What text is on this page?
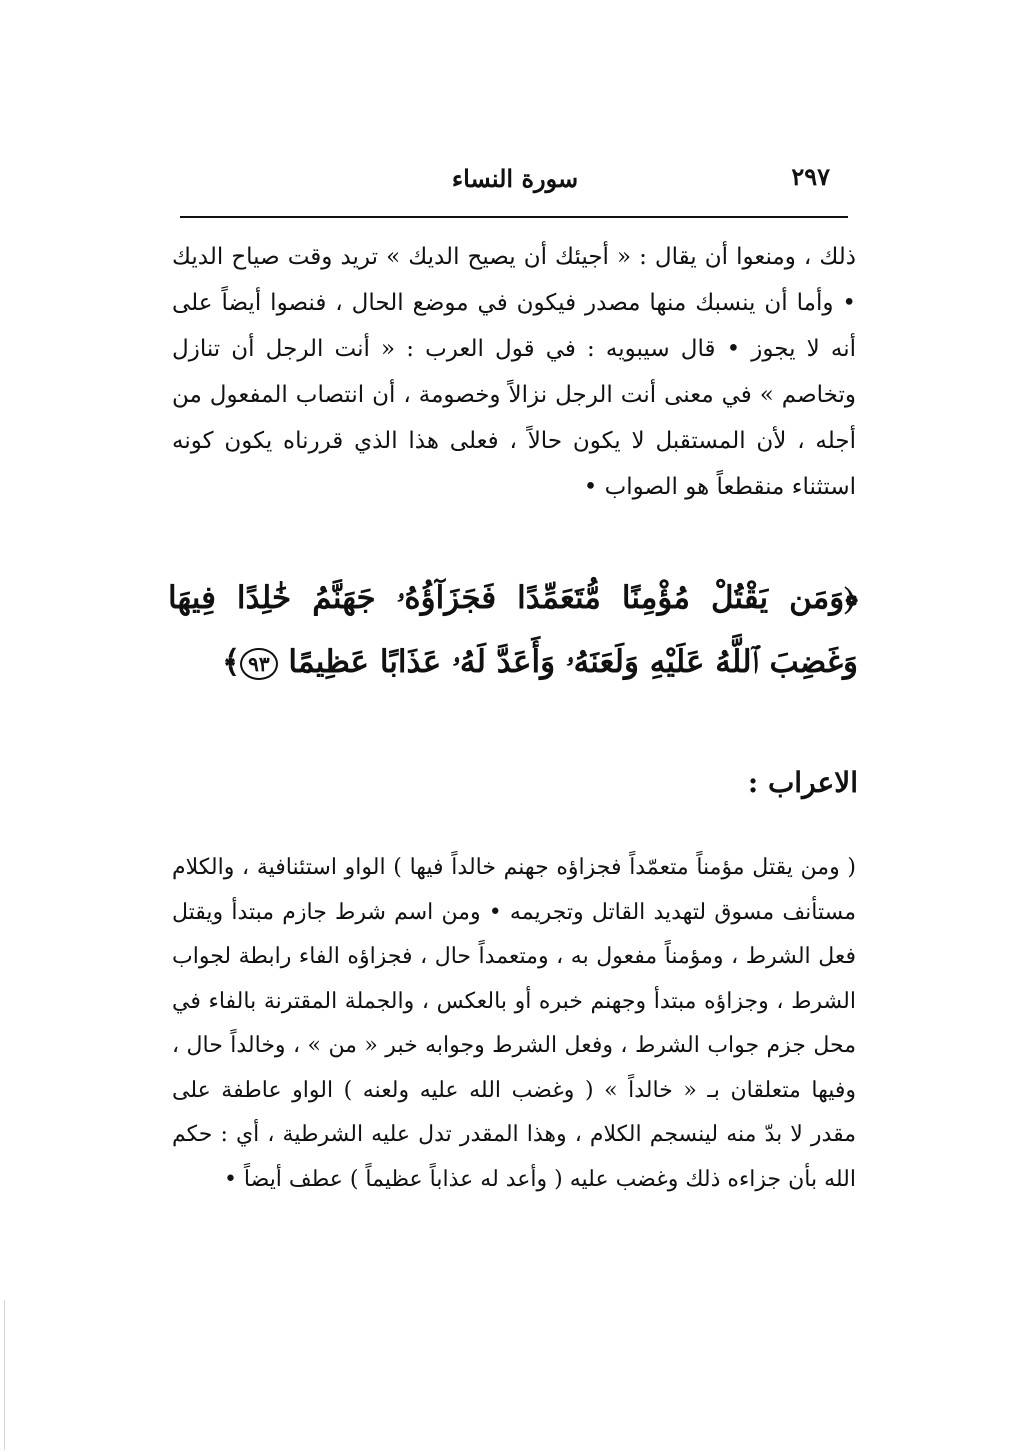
سورة النساء	٢٩٧
ذلك ، ومنعوا أن يقال : « أجيئك أن يصيح الديك » تريد وقت صياح الديك • وأما أن ينسبك منها مصدر فيكون في موضع الحال ، فنصوا أيضاً على أنه لا يجوز • قال سيبويه : في قول العرب : « أنت الرجل أن تنازل وتخاصم » في معنى أنت الرجل نزالاً وخصومة ، أن انتصاب المفعول من أجله ، لأن المستقبل لا يكون حالاً ، فعلى هذا الذي قررناه يكون كونه استثناء منقطعاً هو الصواب •
﴿وَمَن يَقْتُلْ مُؤْمِنًا مُّتَعَمِّدًا فَجَزَآؤُهُۥ جَهَنَّمُ خَٰلِدًا فِيهَا وَغَضِبَ ٱللَّهُ عَلَيْهِ وَلَعَنَهُۥ وَأَعَدَّ لَهُۥ عَذَابًا عَظِيمًا ٩٣﴾
الاعراب :
( ومن يقتل مؤمناً متعمّداً فجزاؤه جهنم خالداً فيها ) الواو استئنافية ، والكلام مستأنف مسوق لتهديد القاتل وتجريمه • ومن اسم شرط جازم مبتدأ ويقتل فعل الشرط ، ومؤمناً مفعول به ، ومتعمداً حال ، فجزاؤه الفاء رابطة لجواب الشرط ، وجزاؤه مبتدأ وجهنم خبره أو بالعكس ، والجملة المقترنة بالفاء في محل جزم جواب الشرط ، وفعل الشرط وجوابه خبر « من » ، وخالداً حال ، وفيها متعلقان بـ « خالداً » ( وغضب الله عليه ولعنه ) الواو عاطفة على مقدر لا بدّ منه لينسجم الكلام ، وهذا المقدر تدل عليه الشرطية ، أي : حكم الله بأن جزاءه ذلك وغضب عليه ( وأعد له عذاباً عظيماً ) عطف أيضاً •
